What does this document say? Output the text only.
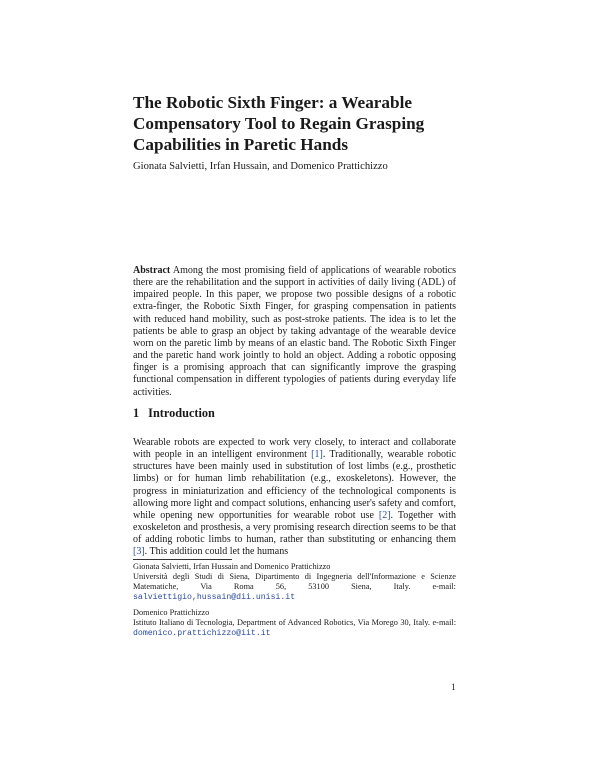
The Robotic Sixth Finger: a Wearable
Compensatory Tool to Regain Grasping
Capabilities in Paretic Hands
Gionata Salvietti, Irfan Hussain, and Domenico Prattichizzo

Abstract Among the most promising field of applications of wearable robotics there are the rehabilitation and the support in activities of daily living (ADL) of impaired people. In this paper, we propose two possible designs of a robotic extra-finger, the Robotic Sixth Finger, for grasping compensation in patients with reduced hand mobility, such as post-stroke patients. The idea is to let the patients be able to grasp an object by taking advantage of the wearable device worn on the paretic limb by means of an elastic band. The Robotic Sixth Finger and the paretic hand work jointly to hold an object. Adding a robotic opposing finger is a promising approach that can significantly improve the grasping functional compensation in different typologies of patients during everyday life activities.

1 Introduction

Wearable robots are expected to work very closely, to interact and collaborate with people in an intelligent environment [1]. Traditionally, wearable robotic structures have been mainly used in substitution of lost limbs (e.g., prosthetic limbs) or for human limb rehabilitation (e.g., exoskeletons). However, the progress in miniaturization and efficiency of the technological components is allowing more light and compact solutions, enhancing user's safety and comfort, while opening new opportunities for wearable robot use [2]. Together with exoskeleton and prosthesis, a very promising research direction seems to be that of adding robotic limbs to human, rather than substituting or enhancing them [3]. This addition could let the humans

Gionata Salvietti, Irfan Hussain and Domenico Prattichizzo
Università degli Studi di Siena, Dipartimento di Ingegneria dell'Informazione e Scienze Matematiche, Via Roma 56, 53100 Siena, Italy. e-mail: salviettigio,hussain@dii.unisi.it
Domenico Prattichizzo
Istituto Italiano di Tecnologia, Department of Advanced Robotics, Via Morego 30, Italy. e-mail: domenico.prattichizzo@iit.it
1
